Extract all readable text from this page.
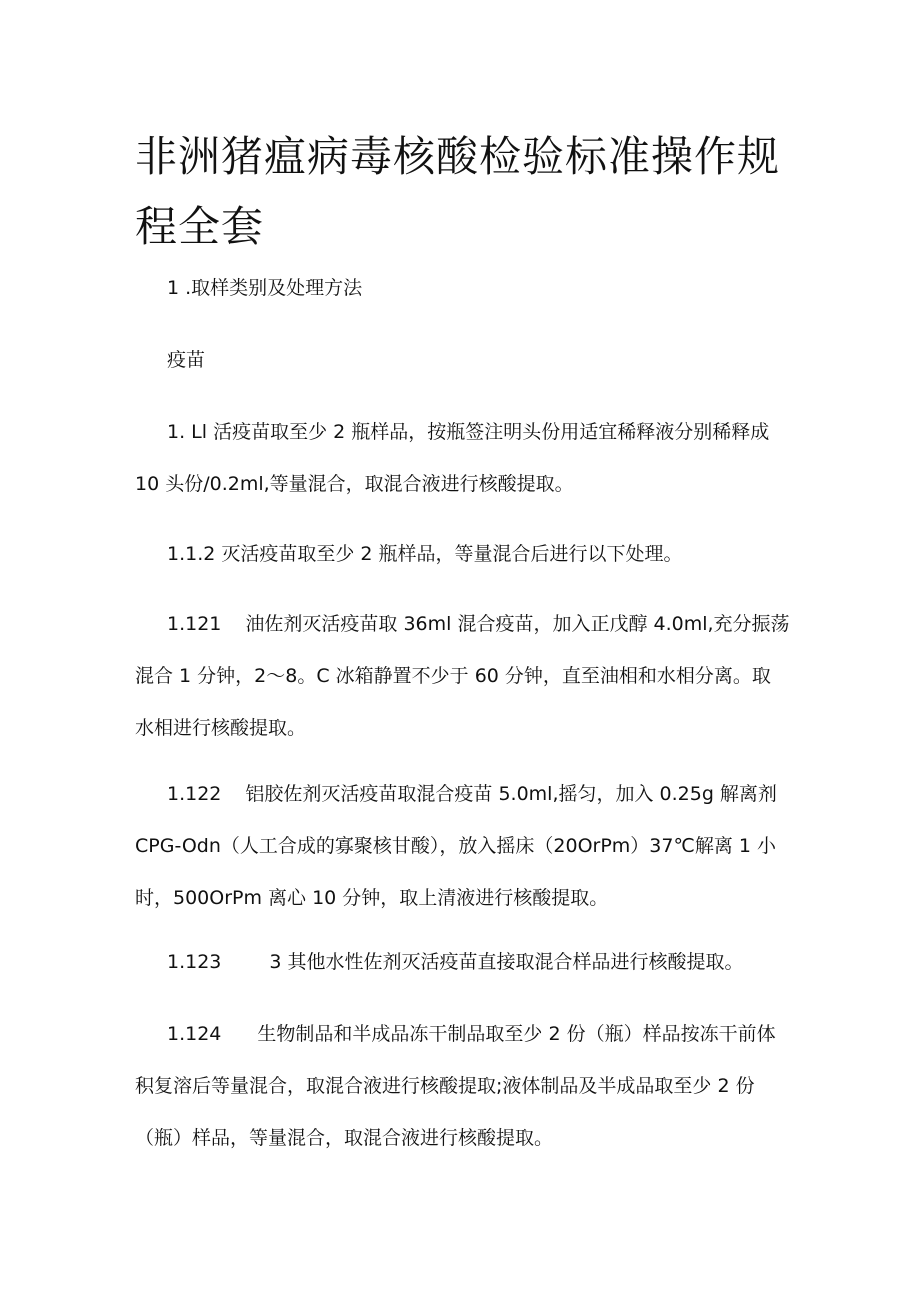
非洲猪瘟病毒核酸检验标准操作规
程全套

1 .取样类别及处理方法

疫苗

1. Ll 活疫苗取至少 2 瓶样品，按瓶签注明头份用适宜稀释液分别稀释成
10 头份/0.2ml,等量混合，取混合液进行核酸提取。

1.1.2 灭活疫苗取至少 2 瓶样品，等量混合后进行以下处理。

1.121 油佐剂灭活疫苗取 36ml 混合疫苗，加入正戊醇 4.0ml,充分振荡
混合 1 分钟，2〜8。C 冰箱静置不少于 60 分钟，直至油相和水相分离。取
水相进行核酸提取。

1.122 铝胶佐剂灭活疫苗取混合疫苗 5.0ml,摇匀，加入 0.25g 解离剂
CPG-Odn（人工合成的寡聚核甘酸），放入摇床（20OrPm）37℃解离 1 小
时，500OrPm 离心 10 分钟，取上清液进行核酸提取。

1.123	3 其他水性佐剂灭活疫苗直接取混合样品进行核酸提取。

1.124 生物制品和半成品冻干制品取至少 2 份（瓶）样品按冻干前体
积复溶后等量混合，取混合液进行核酸提取;液体制品及半成品取至少 2 份
（瓶）样品，等量混合，取混合液进行核酸提取。
